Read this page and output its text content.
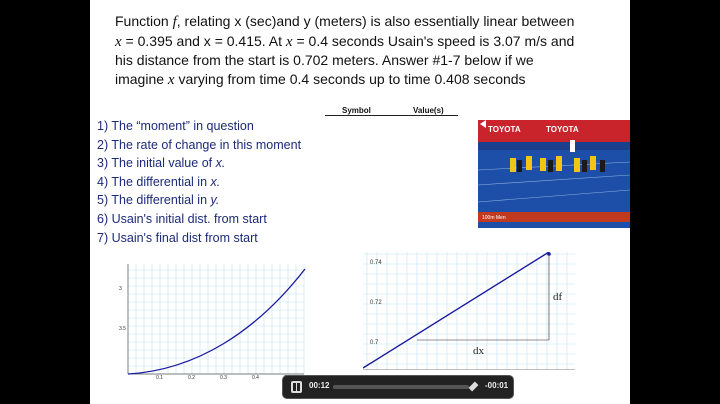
Function f, relating x (sec)and y (meters) is also essentially linear between
x = 0.395 and x = 0.415. At x = 0.4 seconds Usain's speed is 3.07 m/s and
his distance from the start is 0.702 meters. Answer #1-7 below if we
imagine x varying from time 0.4 seconds up to time 0.408 seconds
Symbol	Value(s)
1) The “moment” in question
2) The rate of change in this moment
3) The initial value of x.
4) The differential in x.
5) The differential in y.
6) Usain's initial dist. from start
7) Usain's final dist from start
TOYOTA	TOYOTA
100m Men
0.1	0.2	0.3	0.4
3.5
3
0.74
0.72
0.7
df
dx
00:12	-00:01
